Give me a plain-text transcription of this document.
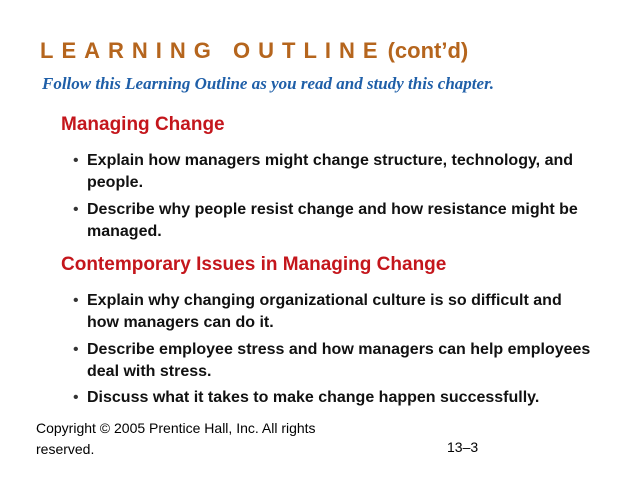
LEARNING OUTLINE(cont’d)
Follow this Learning Outline as you read and study this chapter.
Managing Change
• Explain how managers might change structure, technology, and people.
• Describe why people resist change and how resistance might be managed.
Contemporary Issues in Managing Change
• Explain why changing organizational culture is so difficult and how managers can do it.
• Describe employee stress and how managers can help employees deal with stress.
• Discuss what it takes to make change happen successfully.
Copyright © 2005 Prentice Hall, Inc. All rights reserved.	13–3
